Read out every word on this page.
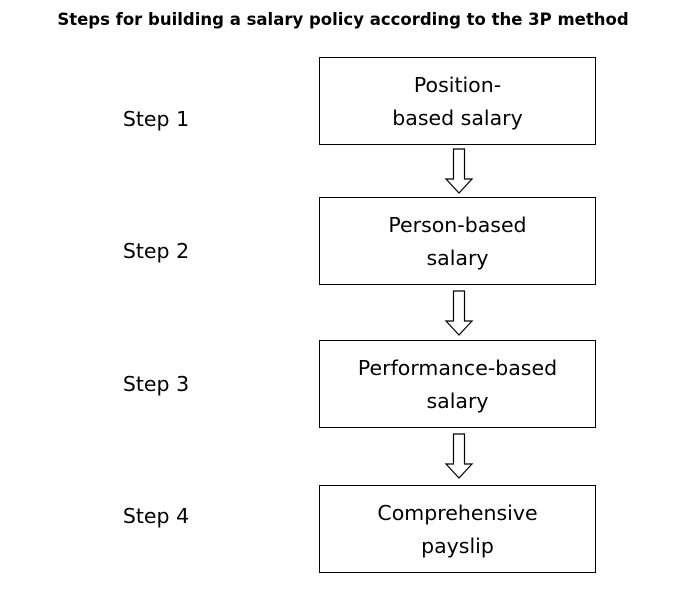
Steps for building a salary policy according to the 3P method
Step 1
Position-
based salary
Step 2
Person-based
salary
Step 3
Performance-based
salary
Step 4	Comprehensive
payslip
